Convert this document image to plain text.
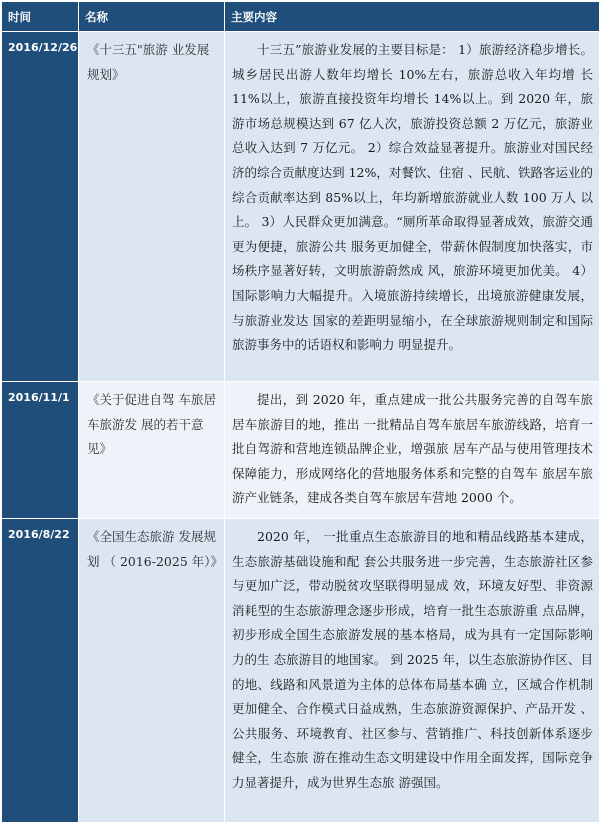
时间	名称	主要内容
2016/12/26	《十三五"旅游 业发展规划》	十三五”旅游业发展的主要目标是： 1）旅游经济稳步增长。城乡居民出游人数年均增长 10%左右，旅游总收入年均增 长 11%以上，旅游直接投资年均增长 14%以上。到 2020 年，旅游市场总规模达到 67 亿人次，旅游投资总额 2 万亿元，旅游业总收入达到 7 万亿元。 2）综合效益显著提升。旅游业对国民经济的综合贡献度达到 12%，对餐饮、住宿 、民航、铁路客运业的综合贡献率达到 85%以上，年均新增旅游就业人数 100 万人 以上。 3）人民群众更加满意。“厕所革命取得显著成效，旅游交通更为便捷，旅游公共 服务更加健全，带薪休假制度加快落实，市场秩序显著好转，文明旅游蔚然成 风，旅游环境更加优美。 4）国际影响力大幅提升。入境旅游持续增长，出境旅游健康发展，与旅游业发达 国家的差距明显缩小，在全球旅游规则制定和国际旅游事务中的话语权和影响力 明显提升。
2016/11/1	《关于促进自驾 车旅居车旅游发 展的若干意见》	提出，到 2020 年，重点建成一批公共服务完善的自驾车旅居车旅游目的地，推出 一批精品自驾车旅居车旅游线路，培育一批自驾游和营地连锁品牌企业，增强旅 居车产品与使用管理技术保障能力，形成网络化的营地服务体系和完整的自驾车 旅居车旅游产业链条，建成各类自驾车旅居车营地 2000 个。
2016/8/22	《全国生态旅游 发展规划 （ 2016-2025 年）》	2020 年， 一批重点生态旅游目的地和精品线路基本建成，生态旅游基础设施和配 套公共服务进一步完善，生态旅游社区参与更加广泛，带动脱贫攻坚联得明显成 效，环境友好型、非资源消耗型的生态旅游理念逐步形成，培育一批生态旅游重 点品牌，初步形成全国生态旅游发展的基本格局，成为具有一定国际影响力的生 态旅游目的地国家。 到 2025 年，以生态旅游协作区、目的地、线路和风景道为主体的总体布局基本确 立，区域合作机制更加健全、合作模式日益成熟，生态旅游资源保护、产品开发 、公共服务、环境教育、社区参与、营销推广、科技创新体系逐步健全，生态旅 游在推动生态文明建设中作用全面发挥，国际竞争力显著提升，成为世界生态旅 游强国。
